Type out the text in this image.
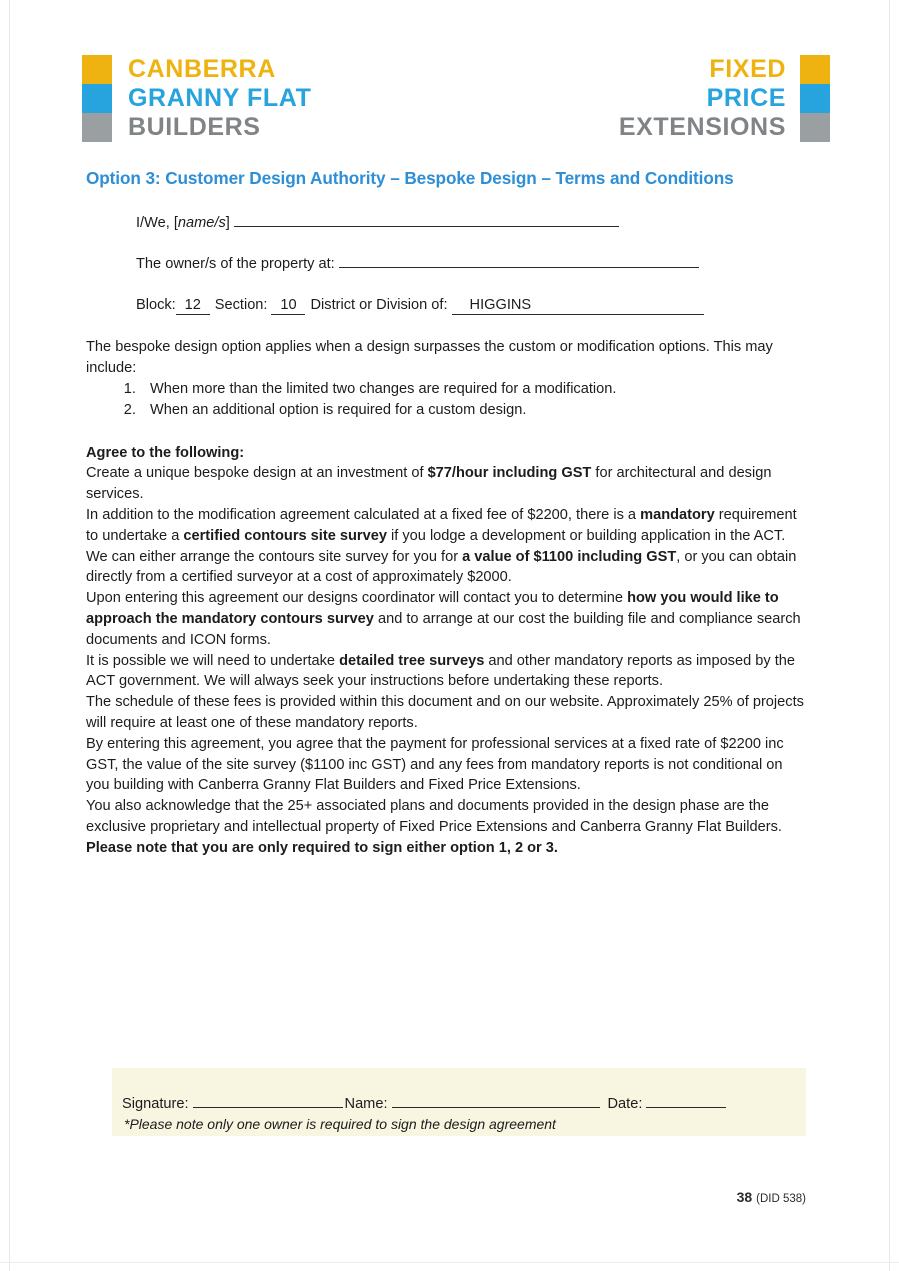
CANBERRA
GRANNY FLAT
BUILDERS
FIXED
PRICE
EXTENSIONS
Option 3: Customer Design Authority – Bespoke Design – Terms and Conditions
I/We, [name/s]
The owner/s of the property at:
Block: 12 Section: 10 District or Division of:	HIGGINS

The bespoke design option applies when a design surpasses the custom or modification options. This may include:

1. When more than the limited two changes are required for a modification.
2. When an additional option is required for a custom design.

Agree to the following:

Create a unique bespoke design at an investment of $77/hour including GST for architectural and design services.

In addition to the modification agreement calculated at a fixed fee of $2200, there is a mandatory requirement to undertake a certified contours site survey if you lodge a development or building application in the ACT.

We can either arrange the contours site survey for you for a value of $1100 including GST, or you can obtain directly from a certified surveyor at a cost of approximately $2000.

Upon entering this agreement our designs coordinator will contact you to determine how you would like to approach the mandatory contours survey and to arrange at our cost the building file and compliance search documents and ICON forms.

It is possible we will need to undertake detailed tree surveys and other mandatory reports as imposed by the ACT government. We will always seek your instructions before undertaking these reports.

The schedule of these fees is provided within this document and on our website. Approximately 25% of projects will require at least one of these mandatory reports.

By entering this agreement, you agree that the payment for professional services at a fixed rate of $2200 inc GST, the value of the site survey ($1100 inc GST) and any fees from mandatory reports is not conditional on you building with Canberra Granny Flat Builders and Fixed Price Extensions.

You also acknowledge that the 25+ associated plans and documents provided in the design phase are the exclusive proprietary and intellectual property of Fixed Price Extensions and Canberra Granny Flat Builders. Please note that you are only required to sign either option 1, 2 or 3.

Signature:	Name:	Date:
*Please note only one owner is required to sign the design agreement
38 (DID 538)
